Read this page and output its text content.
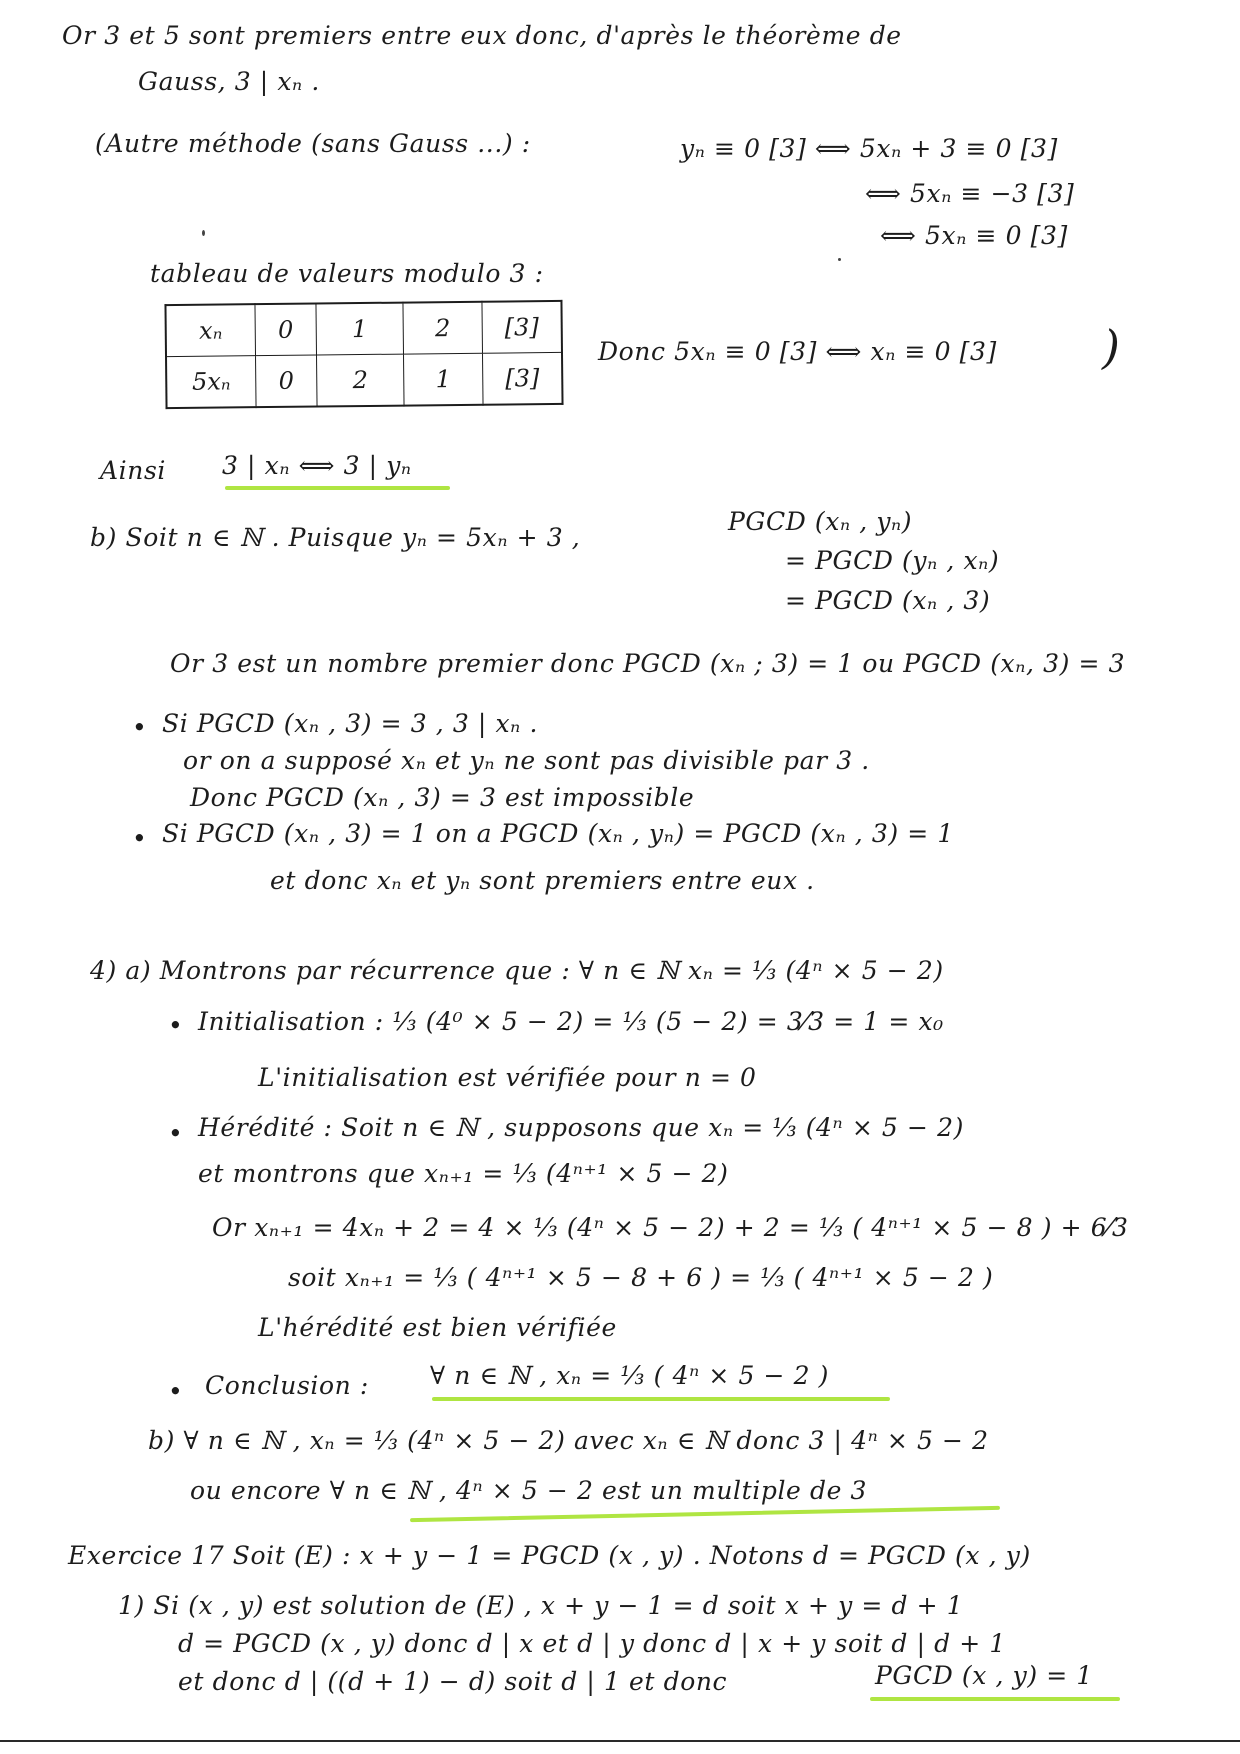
Or 3 et 5 sont premiers entre eux donc, d'après le théorème de
Gauss, 3 | xₙ .
(Autre méthode (sans Gauss ...) :	yₙ ≡ 0 [3] ⟺ 5xₙ + 3 ≡ 0 [3]
⟺ 5xₙ ≡ −3 [3]
⟺ 5xₙ ≡ 0 [3]
tableau de valeurs modulo 3 :
xₙ	0	1	2	[3]
5xₙ	0	2	1	[3]
Donc 5xₙ ≡ 0 [3] ⟺ xₙ ≡ 0 [3] )
Ainsi 3 | xₙ ⟺ 3 | yₙ
b) Soit n ∈ ℕ . Puisque yₙ = 5xₙ + 3 ,
PGCD (xₙ , yₙ)
= PGCD (yₙ , xₙ)
= PGCD (xₙ , 3)
Or 3 est un nombre premier donc PGCD (xₙ ; 3) = 1 ou PGCD (xₙ, 3) = 3
• Si PGCD (xₙ , 3) = 3 , 3 | xₙ .
or on a supposé xₙ et yₙ ne sont pas divisible par 3 .
Donc PGCD (xₙ , 3) = 3 est impossible
• Si PGCD (xₙ , 3) = 1 on a PGCD (xₙ , yₙ) = PGCD (xₙ , 3) = 1
et donc xₙ et yₙ sont premiers entre eux .
4) a) Montrons par récurrence que : ∀ n ∈ ℕ xₙ = ⅓ (4ⁿ × 5 − 2)
• Initialisation : ⅓ (4⁰ × 5 − 2) = ⅓ (5 − 2) = 3⁄3 = 1 = x₀
L'initialisation est vérifiée pour n = 0
• Hérédité : Soit n ∈ ℕ , supposons que xₙ = ⅓ (4ⁿ × 5 − 2)
et montrons que xₙ₊₁ = ⅓ (4ⁿ⁺¹ × 5 − 2)
Or xₙ₊₁ = 4xₙ + 2 = 4 × ⅓ (4ⁿ × 5 − 2) + 2 = ⅓ ( 4ⁿ⁺¹ × 5 − 8 ) + 6⁄3
soit xₙ₊₁ = ⅓ ( 4ⁿ⁺¹ × 5 − 8 + 6 ) = ⅓ ( 4ⁿ⁺¹ × 5 − 2 )
L'hérédité est bien vérifiée
• Conclusion : ∀ n ∈ ℕ , xₙ = ⅓ ( 4ⁿ × 5 − 2 )
b) ∀ n ∈ ℕ , xₙ = ⅓ (4ⁿ × 5 − 2) avec xₙ ∈ ℕ donc 3 | 4ⁿ × 5 − 2
ou encore ∀ n ∈ ℕ , 4ⁿ × 5 − 2 est un multiple de 3
Exercice 17 Soit (E) : x + y − 1 = PGCD (x , y) . Notons d = PGCD (x , y)
1) Si (x , y) est solution de (E) , x + y − 1 = d soit x + y = d + 1
d = PGCD (x , y) donc d | x et d | y donc d | x + y soit d | d + 1
et donc d | ((d + 1) − d) soit d | 1 et donc	PGCD (x , y) = 1
